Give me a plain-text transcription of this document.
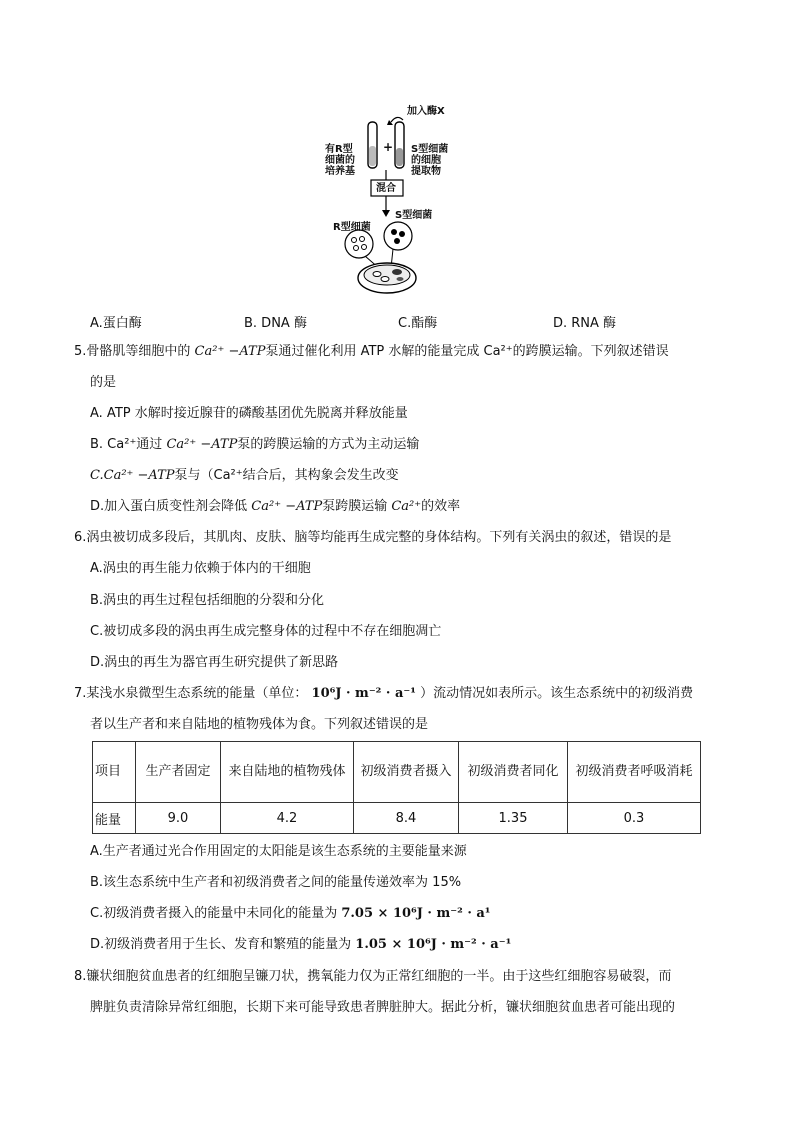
加入酶X
有R型
细菌的
培养基
+ S型细菌
的细胞
提取物
混合
S型细菌
R型细菌
A.蛋白酶	B. DNA 酶	C.酯酶	D. RNA 酶
5.骨骼肌等细胞中的 Ca²⁺ −ATP泵通过催化利用 ATP 水解的能量完成 Ca²⁺的跨膜运输。下列叙述错误
的是
A. ATP 水解时接近腺苷的磷酸基团优先脱离并释放能量
B. Ca²⁺通过 Ca²⁺ −ATP泵的跨膜运输的方式为主动运输
C.Ca²⁺ −ATP泵与（Ca²⁺结合后，其构象会发生改变
D.加入蛋白质变性剂会降低 Ca²⁺ −ATP泵跨膜运输 Ca²⁺的效率
6.涡虫被切成多段后，其肌肉、皮肤、脑等均能再生成完整的身体结构。下列有关涡虫的叙述，错误的是
A.涡虫的再生能力依赖于体内的干细胞
B.涡虫的再生过程包括细胞的分裂和分化
C.被切成多段的涡虫再生成完整身体的过程中不存在细胞凋亡
D.涡虫的再生为器官再生研究提供了新思路
7.某浅水泉微型生态系统的能量（单位： 10⁶J · m⁻² · a⁻¹ ）流动情况如表所示。该生态系统中的初级消费
者以生产者和来自陆地的植物残体为食。下列叙述错误的是
项目	生产者固定	来自陆地的植物残体	初级消费者摄入	初级消费者同化	初级消费者呼吸消耗
能量	9.0	4.2	8.4	1.35	0.3
A.生产者通过光合作用固定的太阳能是该生态系统的主要能量来源
B.该生态系统中生产者和初级消费者之间的能量传递效率为 15%
C.初级消费者摄入的能量中未同化的能量为 7.05 × 10⁶J · m⁻² · a¹
D.初级消费者用于生长、发育和繁殖的能量为 1.05 × 10⁶J · m⁻² · a⁻¹
8.镰状细胞贫血患者的红细胞呈镰刀状，携氧能力仅为正常红细胞的一半。由于这些红细胞容易破裂，而
脾脏负责清除异常红细胞，长期下来可能导致患者脾脏肿大。据此分析，镰状细胞贫血患者可能出现的
